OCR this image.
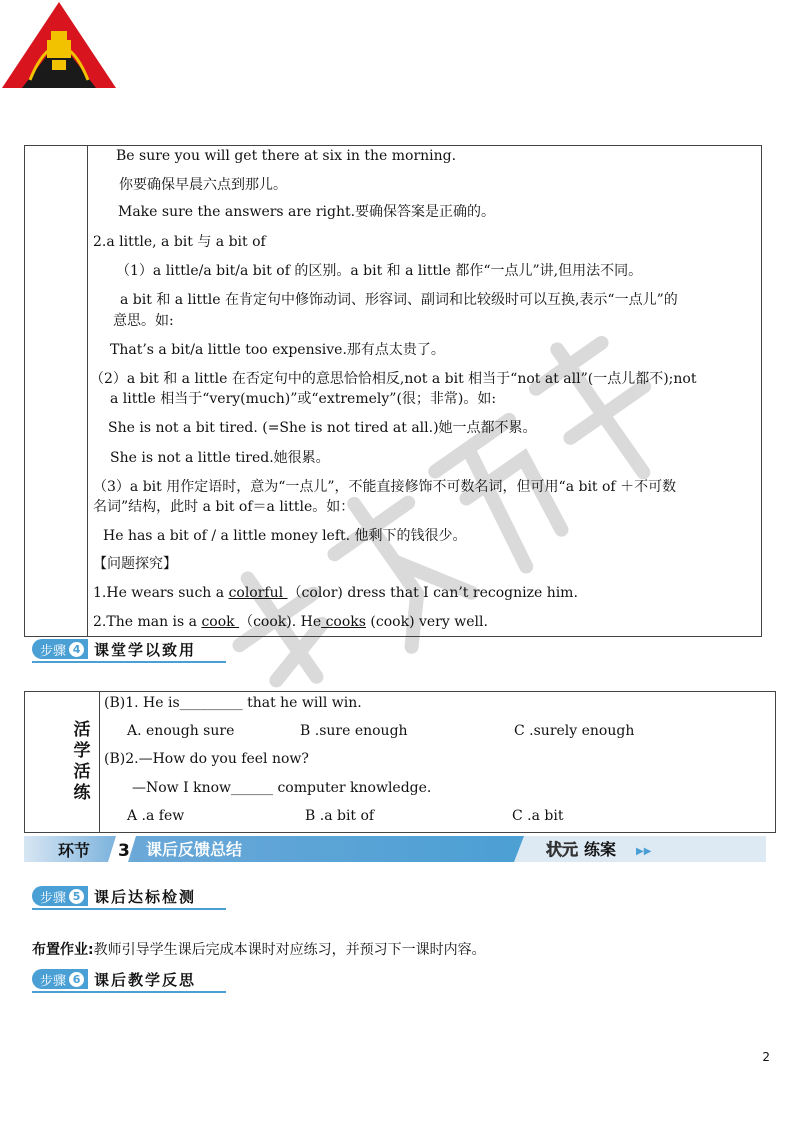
Be sure you will get there at six in the morning.
你要确保早晨六点到那儿。
Make sure the answers are right.要确保答案是正确的。
2.a little, a bit 与 a bit of
（1）a little/a bit/a bit of 的区别。a bit 和 a little 都作“一点儿”讲,但用法不同。
a bit 和 a little 在肯定句中修饰动词、形容词、副词和比较级时可以互换,表示“一点儿”的
意思。如:
That’s a bit/a little too expensive.那有点太贵了。
（2）a bit 和 a little 在否定句中的意思恰恰相反,not a bit 相当于“not at all”(一点儿都不);not
a little 相当于“very(much)”或“extremely”(很；非常)。如:
She is not a bit tired. (=She is not tired at all.)她一点都不累。
She is not a little tired.她很累。
（3）a bit 用作定语时，意为“一点儿”，不能直接修饰不可数名词，但可用“a bit of ＋不可数
名词”结构，此时 a bit of＝a little。如：
He has a bit of / a little money left. 他剩下的钱很少。
【问题探究】
1.He wears such a colorful （color) dress that I can’t recognize him.
2.The man is a cook （cook). He cooks (cook) very well.
步骤 4 课堂学以致用
活
学
活
练
(B)1. He is_________ that he will win.
A. enough sure	B .sure enough	C .surely enough
(B)2.—How do you feel now?
—Now I know______ computer knowledge.
A .a few	B .a bit of	C .a bit
环节 3 课后反馈总结	状元 练案 ▶▶
步骤 5 课后达标检测
布置作业:教师引导学生课后完成本课时对应练习，并预习下一课时内容。
步骤 6 课后教学反思
2
